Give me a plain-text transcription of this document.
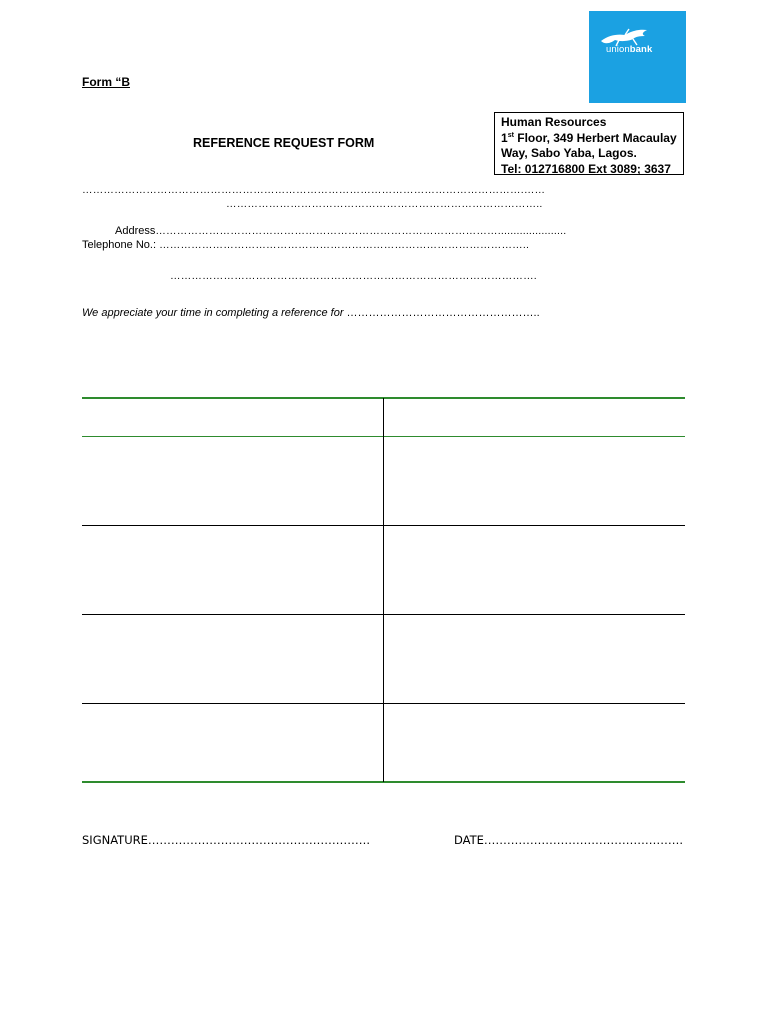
Form “B
unionbank
Human Resources
1st Floor, 349 Herbert Macaulay
Way, Sabo Yaba, Lagos.
Tel: 012716800 Ext 3089; 3637
REFERENCE REQUEST FORM
…………………………………………………………………………………………………………….……
……………………………………………………………………………..
Address……………………………………………………………………………………......................
Telephone No.: …………………………………………………………………………………………..
………………………………………………………………………………………….
We appreciate your time in completing a reference for ……………………………………………..
SIGNATURE………………………………………………….	DATE…………………………………………….
